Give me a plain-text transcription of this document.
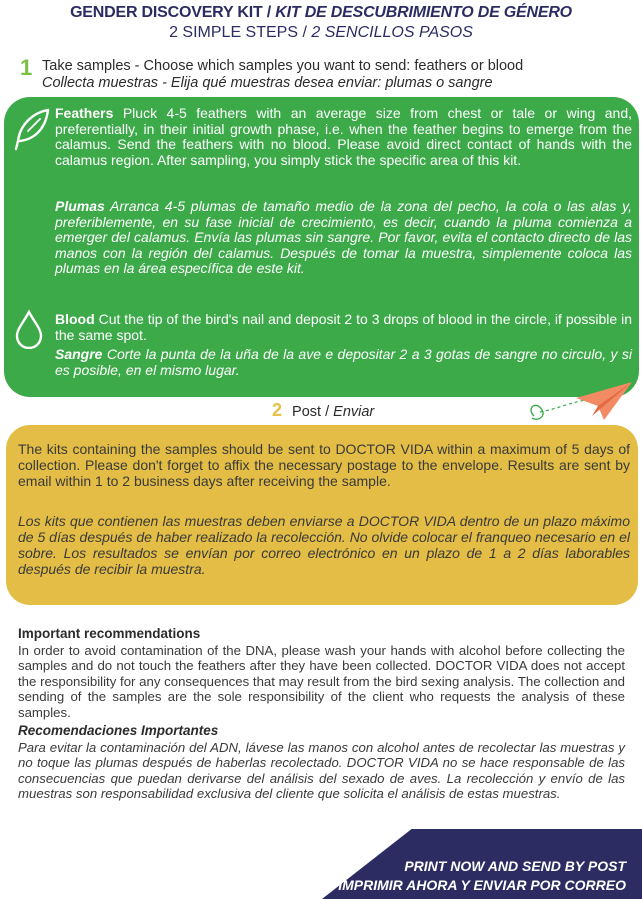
GENDER DISCOVERY KIT / KIT DE DESCUBRIMIENTO DE GÉNERO
2 SIMPLE STEPS / 2 SENCILLOS PASOS
1 Take samples - Choose which samples you want to send: feathers or blood
Collecta muestras - Elija qué muestras desea enviar: plumas o sangre
Feathers Pluck 4-5 feathers with an average size from chest or tale or wing and, preferentially, in their initial growth phase, i.e. when the feather begins to emerge from the calamus. Send the feathers with no blood. Please avoid direct contact of hands with the calamus region. After sampling, you simply stick the specific area of this kit.
Plumas Arranca 4-5 plumas de tamaño medio de la zona del pecho, la cola o las alas y, preferiblemente, en su fase inicial de crecimiento, es decir, cuando la pluma comienza a emerger del calamus. Envía las plumas sin sangre. Por favor, evita el contacto directo de las manos con la región del calamus. Después de tomar la muestra, simplemente coloca las plumas en la área específica de este kit.
Blood Cut the tip of the bird's nail and deposit 2 to 3 drops of blood in the circle, if possible in the same spot.
Sangre Corte la punta de la uña de la ave e depositar 2 a 3 gotas de sangre no circulo, y si es posible, en el mismo lugar.
2 Post / Enviar
The kits containing the samples should be sent to DOCTOR VIDA within a maximum of 5 days of collection. Please don't forget to affix the necessary postage to the envelope. Results are sent by email within 1 to 2 business days after receiving the sample.
Los kits que contienen las muestras deben enviarse a DOCTOR VIDA dentro de un plazo máximo de 5 días después de haber realizado la recolección. No olvide colocar el franqueo necesario en el sobre. Los resultados se envían por correo electrónico en un plazo de 1 a 2 días laborables después de recibir la muestra.
Important recommendations
In order to avoid contamination of the DNA, please wash your hands with alcohol before collecting the samples and do not touch the feathers after they have been collected. DOCTOR VIDA does not accept the responsibility for any consequences that may result from the bird sexing analysis. The collection and sending of the samples are the sole responsibility of the client who requests the analysis of these samples.
Recomendaciones Importantes
Para evitar la contaminación del ADN, lávese las manos con alcohol antes de recolectar las muestras y no toque las plumas después de haberlas recolectado. DOCTOR VIDA no se hace responsable de las consecuencias que puedan derivarse del análisis del sexado de aves. La recolección y envío de las muestras son responsabilidad exclusiva del cliente que solicita el análisis de estas muestras.
PRINT NOW AND SEND BY POST
IMPRIMIR AHORA Y ENVIAR POR CORREO
